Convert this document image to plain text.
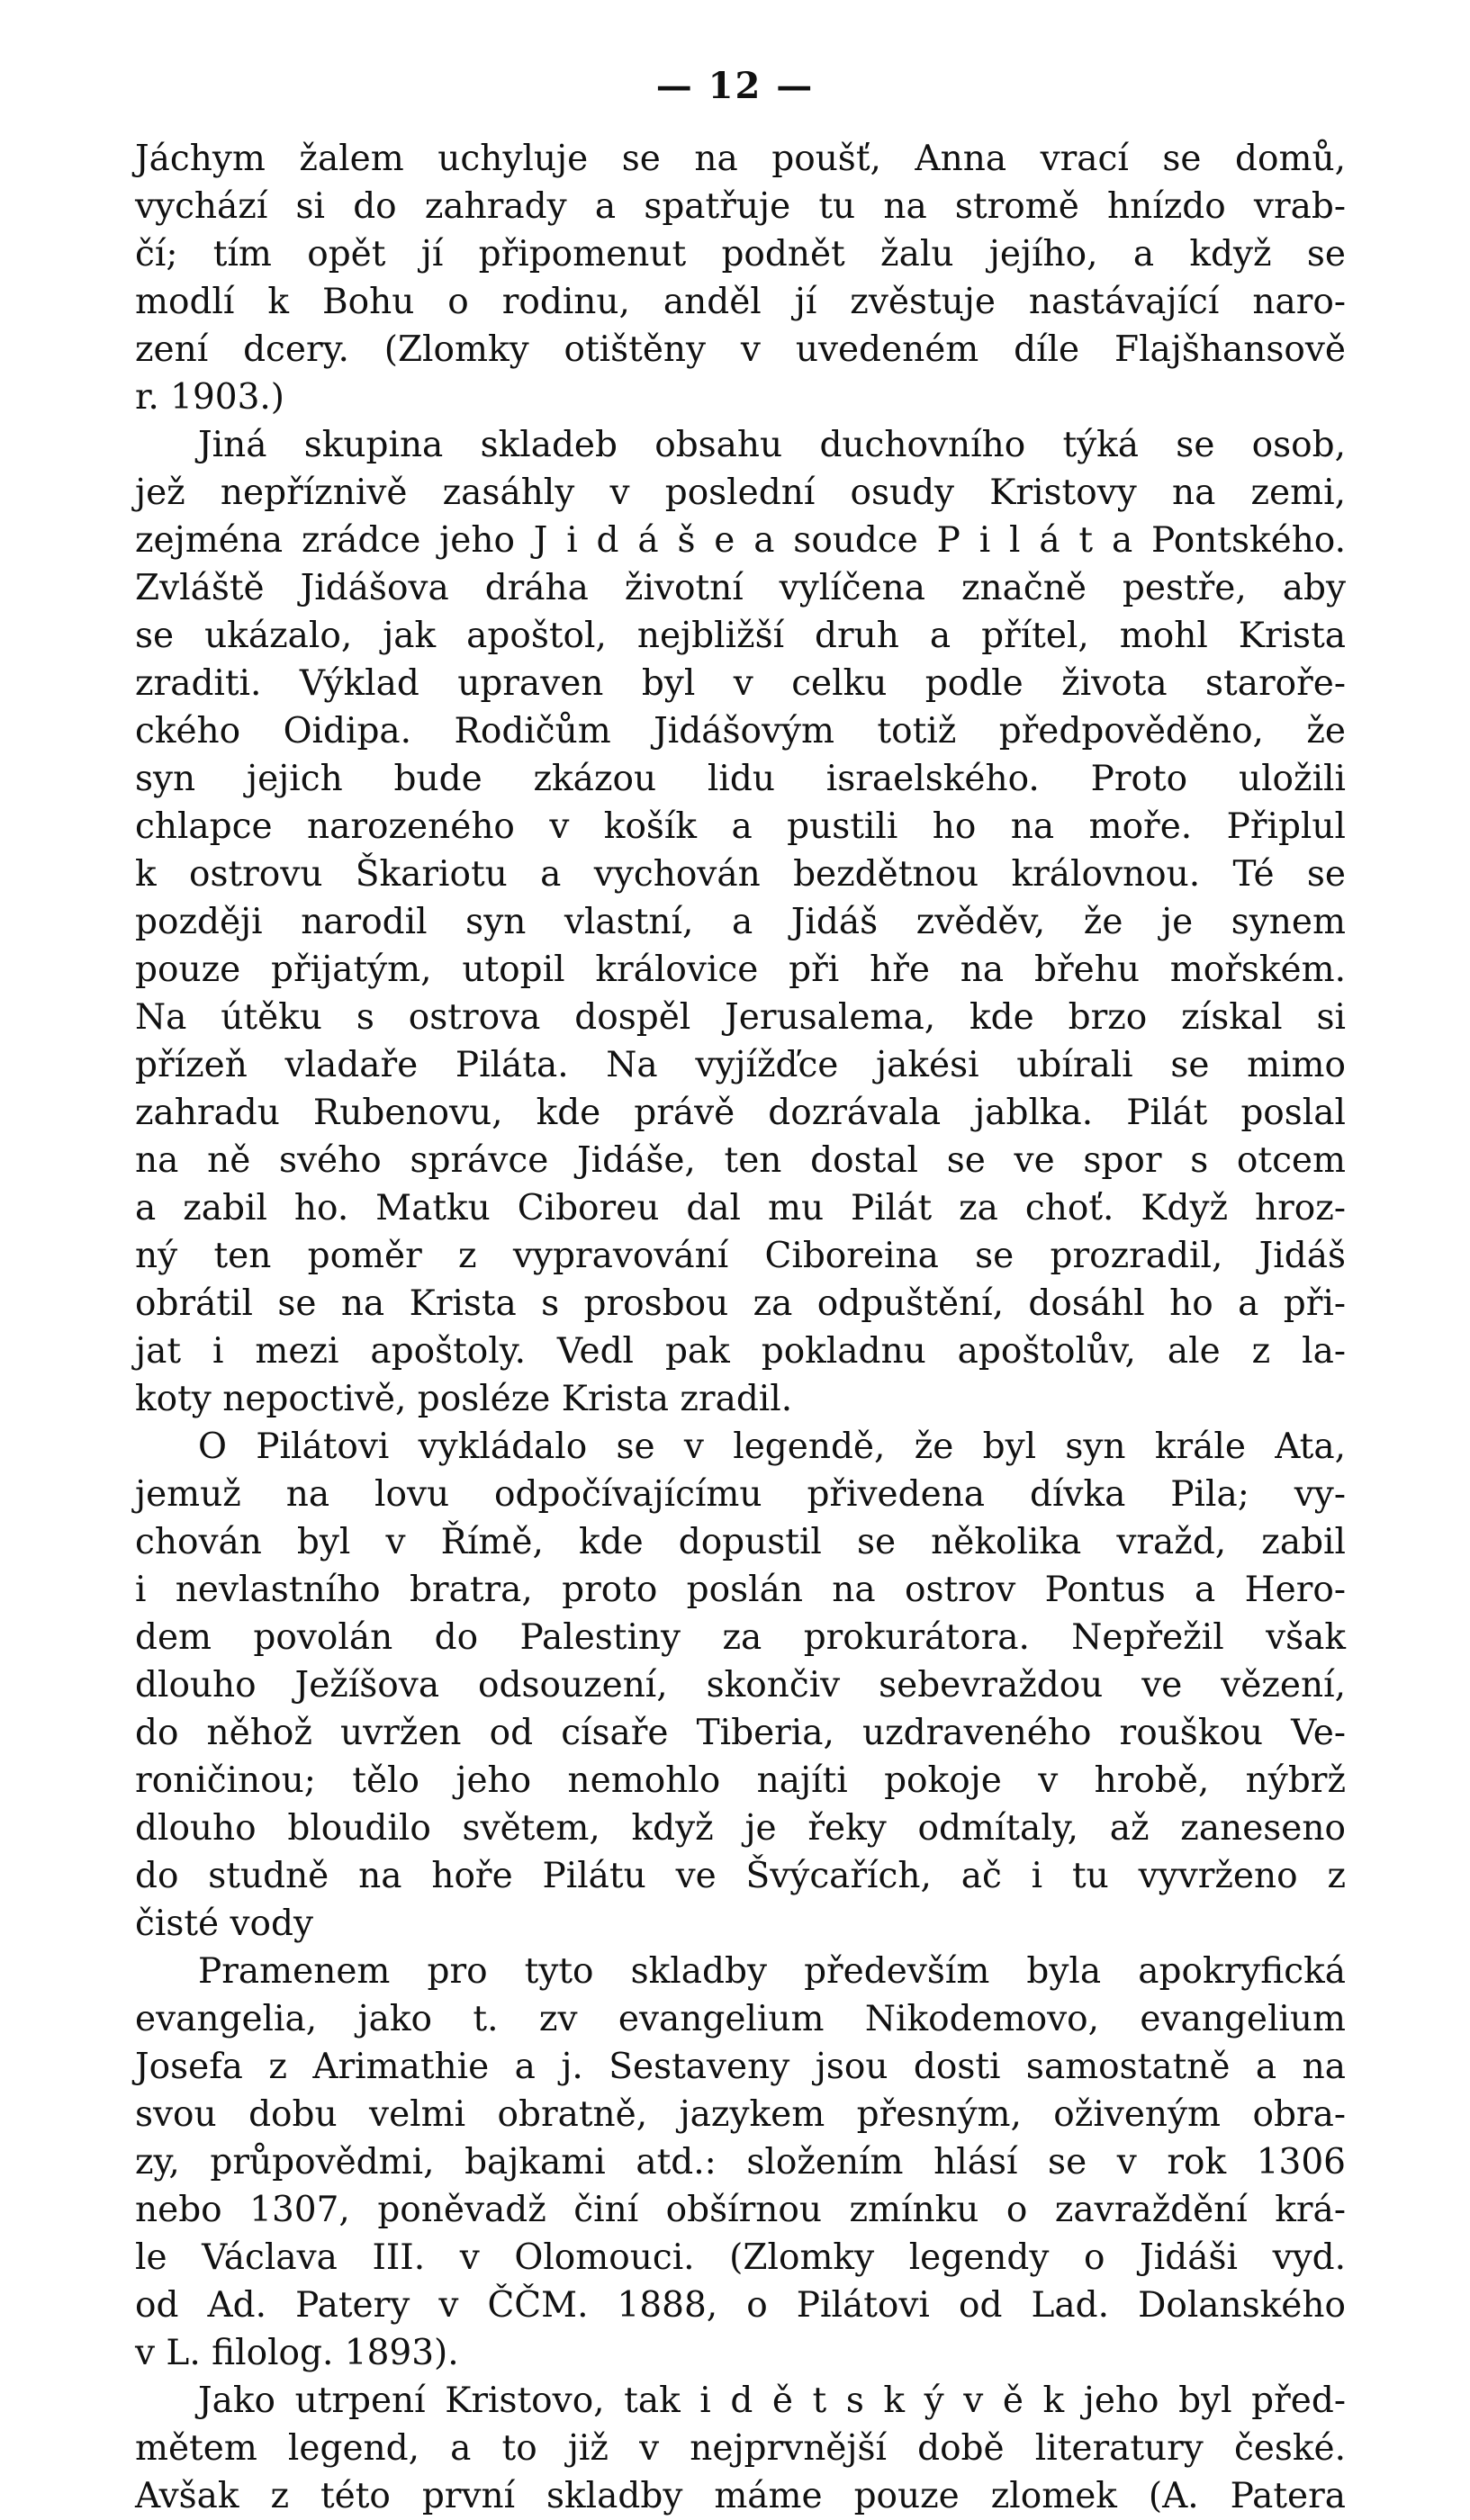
— 12 —
Jáchym žalem uchyluje se na poušť, Anna vrací se domů,
vychází si do zahrady a spatřuje tu na stromě hnízdo vrab-
čí; tím opět jí připomenut podnět žalu jejího, a když se
modlí k Bohu o rodinu, anděl jí zvěstuje nastávající naro-
zení dcery. (Zlomky otištěny v uvedeném díle Flajšhansově
r. 1903.)
Jiná skupina skladeb obsahu duchovního týká se osob,
jež nepříznivě zasáhly v poslední osudy Kristovy na zemi,
zejména zrádce jeho J i d á š e a soudce P i l á t a Pontského.
Zvláště Jidášova dráha životní vylíčena značně pestře, aby
se ukázalo, jak apoštol, nejbližší druh a přítel, mohl Krista
zraditi. Výklad upraven byl v celku podle života staroře-
ckého Oidipa. Rodičům Jidášovým totiž předpověděno, že
syn jejich bude zkázou lidu israelského. Proto uložili
chlapce narozeného v košík a pustili ho na moře. Připlul
k ostrovu Škariotu a vychován bezdětnou královnou. Té se
později narodil syn vlastní, a Jidáš zvěděv, že je synem
pouze přijatým, utopil královice při hře na břehu mořském.
Na útěku s ostrova dospěl Jerusalema, kde brzo získal si
přízeň vladaře Piláta. Na vyjížďce jakési ubírali se mimo
zahradu Rubenovu, kde právě dozrávala jablka. Pilát poslal
na ně svého správce Jidáše, ten dostal se ve spor s otcem
a zabil ho. Matku Ciboreu dal mu Pilát za choť. Když hroz-
ný ten poměr z vypravování Ciboreina se prozradil, Jidáš
obrátil se na Krista s prosbou za odpuštění, dosáhl ho a při-
jat i mezi apoštoly. Vedl pak pokladnu apoštolův, ale z la-
koty nepoctivě, posléze Krista zradil.
O Pilátovi vykládalo se v legendě, že byl syn krále Ata,
jemuž na lovu odpočívajícímu přivedena dívka Pila; vy-
chován byl v Římě, kde dopustil se několika vražd, zabil
i nevlastního bratra, proto poslán na ostrov Pontus a Hero-
dem povolán do Palestiny za prokurátora. Nepřežil však
dlouho Ježíšova odsouzení, skončiv sebevraždou ve vězení,
do něhož uvržen od císaře Tiberia, uzdraveného rouškou Ve-
roničinou; tělo jeho nemohlo najíti pokoje v hrobě, nýbrž
dlouho bloudilo světem, když je řeky odmítaly, až zaneseno
do studně na hoře Pilátu ve Švýcařích, ač i tu vyvrženo z
čisté vody
Pramenem pro tyto skladby především byla apokryfická
evangelia, jako t. zv evangelium Nikodemovo, evangelium
Josefa z Arimathie a j. Sestaveny jsou dosti samostatně a na
svou dobu velmi obratně, jazykem přesným, oživeným obra-
zy, průpovědmi, bajkami atd.: složením hlásí se v rok 1306
nebo 1307, poněvadž činí obšírnou zmínku o zavraždění krá-
le Václava III. v Olomouci. (Zlomky legendy o Jidáši vyd.
od Ad. Patery v ČČM. 1888, o Pilátovi od Lad. Dolanského
v L. filolog. 1893).
Jako utrpení Kristovo, tak i d ě t s k ý v ě k jeho byl před-
mětem legend, a to již v nejprvnější době literatury české.
Avšak z této první skladby máme pouze zlomek (A. Patera
